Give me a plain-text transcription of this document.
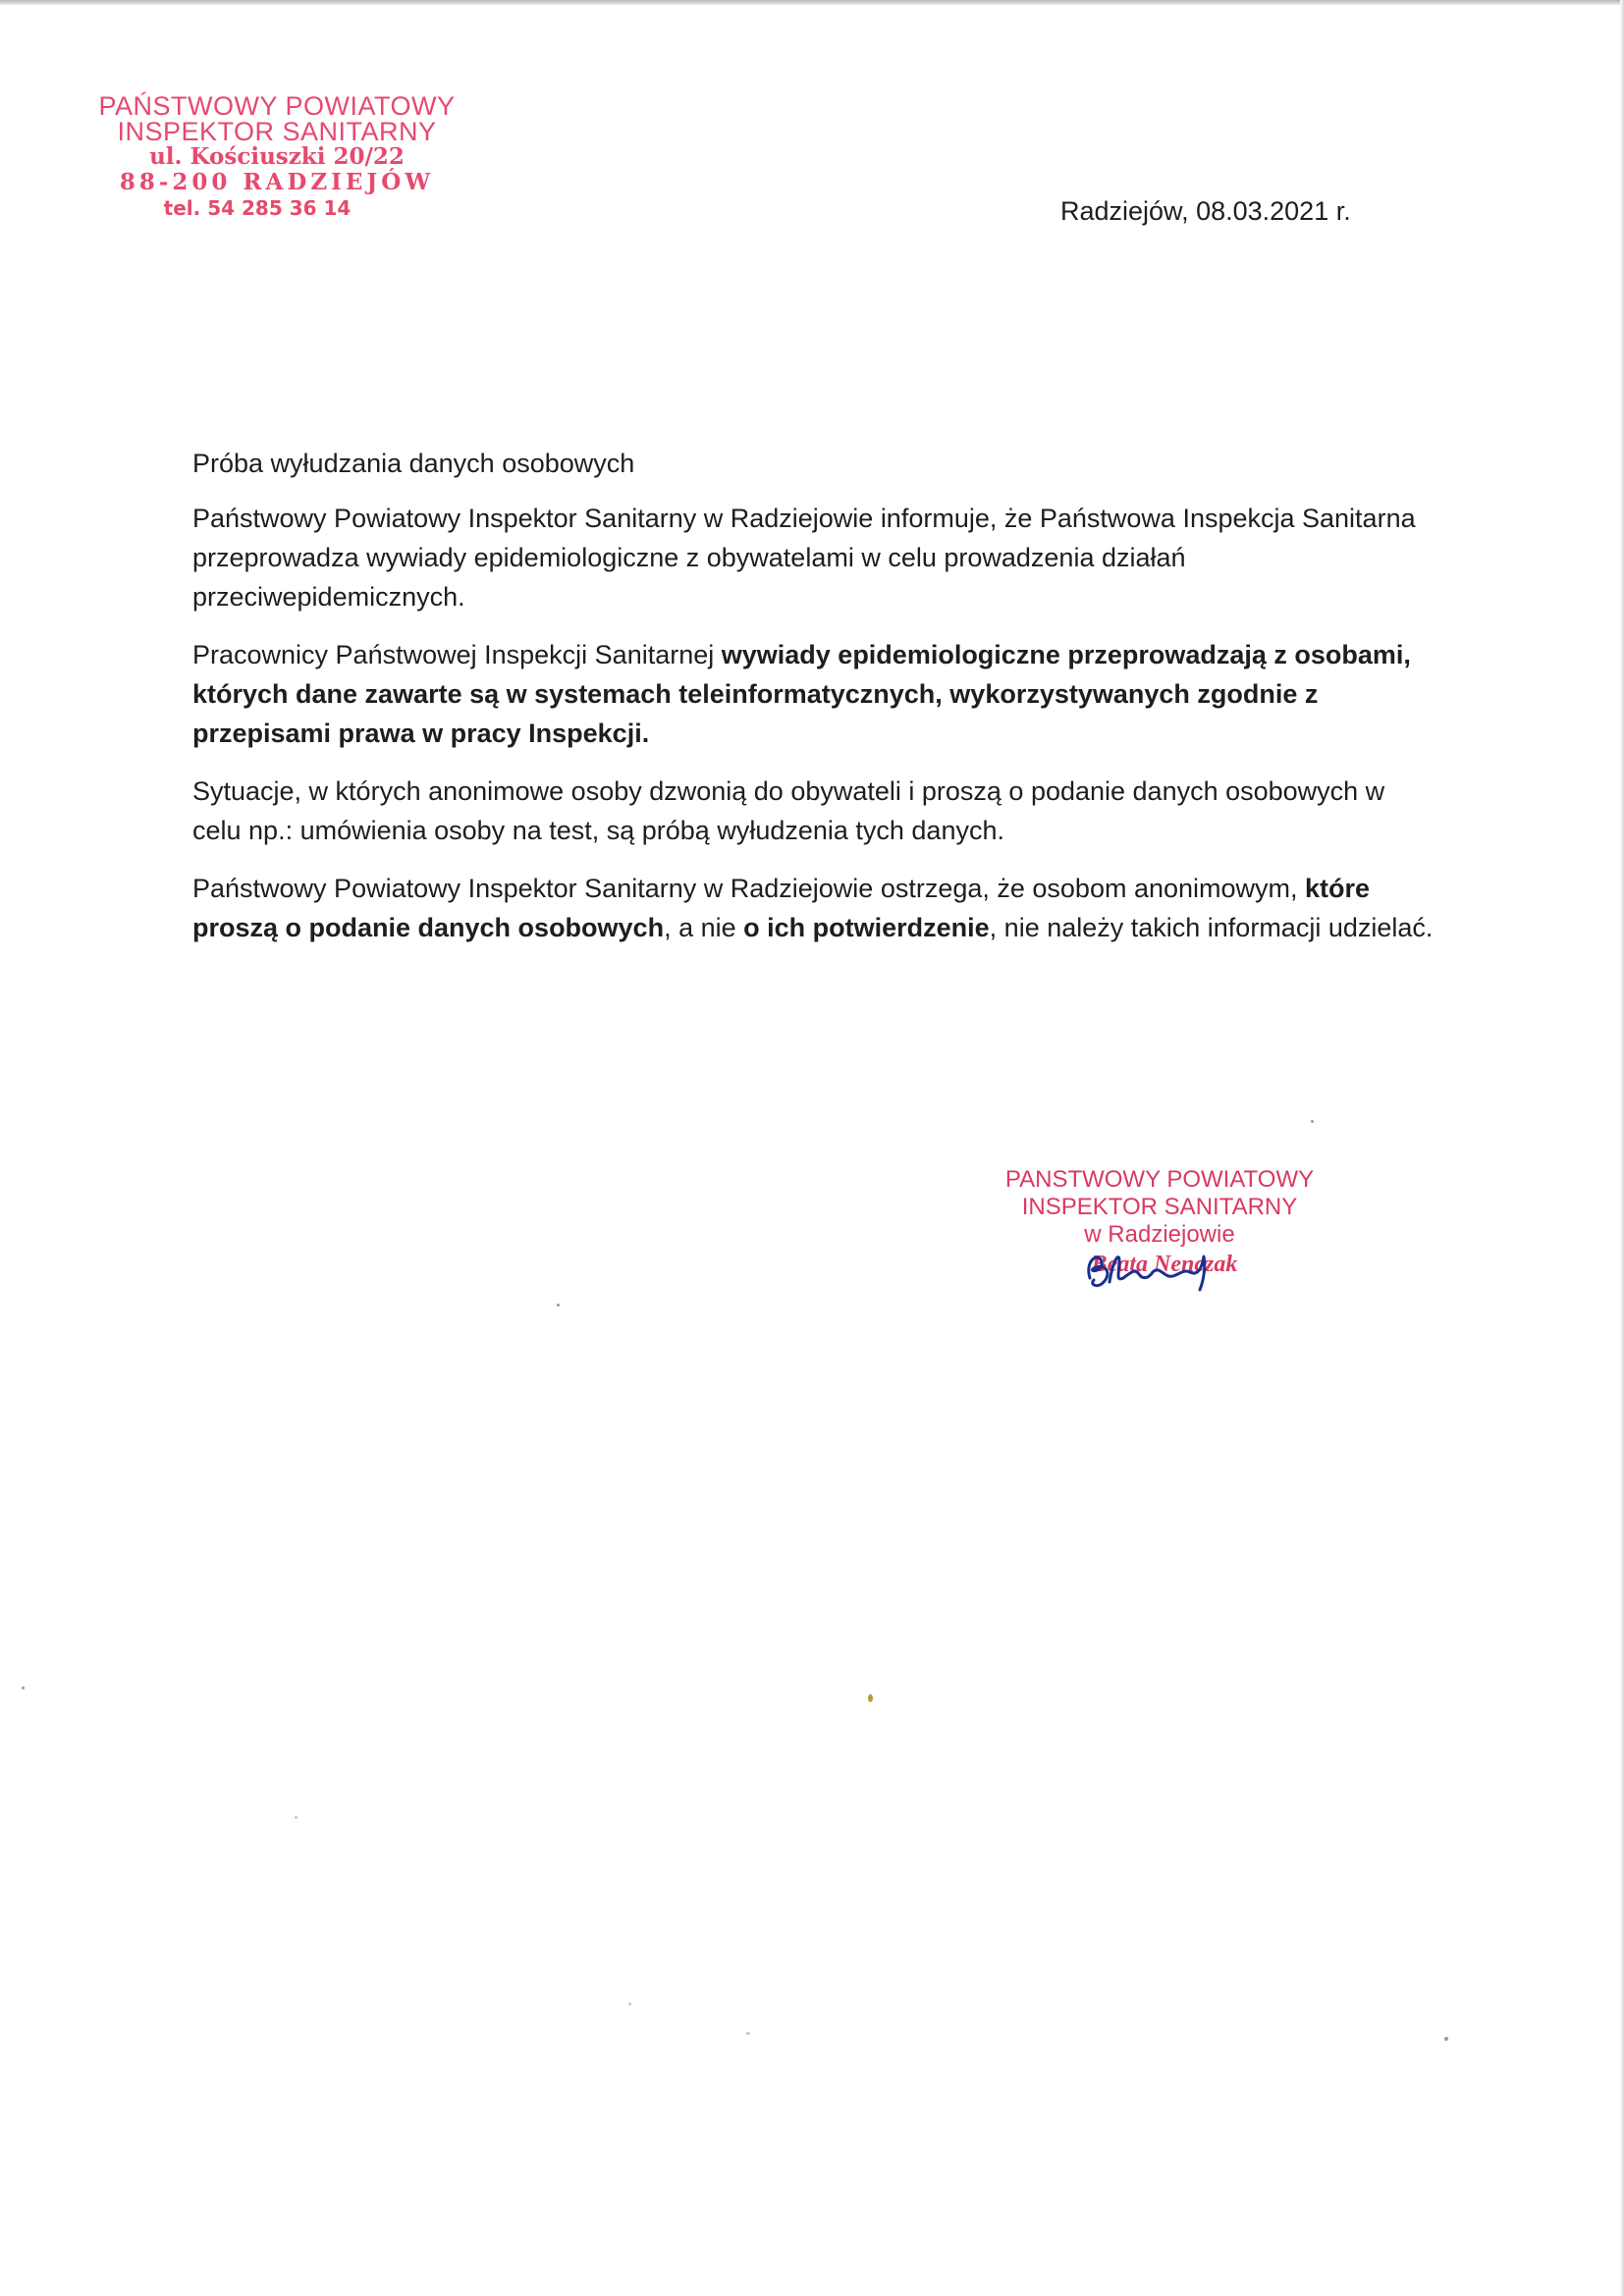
PAŃSTWOWY POWIATOWY
INSPEKTOR SANITARNY
ul. Kościuszki 20/22
88-200 RADZIEJÓW
tel. 54 285 36 14	Radziejów, 08.03.2021 r.

Próba wyłudzania danych osobowych

Państwowy Powiatowy Inspektor Sanitarny w Radziejowie informuje, że Państwowa Inspekcja Sanitarna przeprowadza wywiady epidemiologiczne z obywatelami w celu prowadzenia działań przeciwepidemicznych.

Pracownicy Państwowej Inspekcji Sanitarnej wywiady epidemiologiczne przeprowadzają z osobami, których dane zawarte są w systemach teleinformatycznych, wykorzystywanych zgodnie z przepisami prawa w pracy Inspekcji.

Sytuacje, w których anonimowe osoby dzwonią do obywateli i proszą o podanie danych osobowych w celu np.: umówienia osoby na test, są próbą wyłudzenia tych danych.

Państwowy Powiatowy Inspektor Sanitarny w Radziejowie ostrzega, że osobom anonimowym, które proszą o podanie danych osobowych, a nie o ich potwierdzenie, nie należy takich informacji udzielać.

PANSTWOWY POWIATOWY
INSPEKTOR SANITARNY
w Radziejowie
Beata Nenczak
